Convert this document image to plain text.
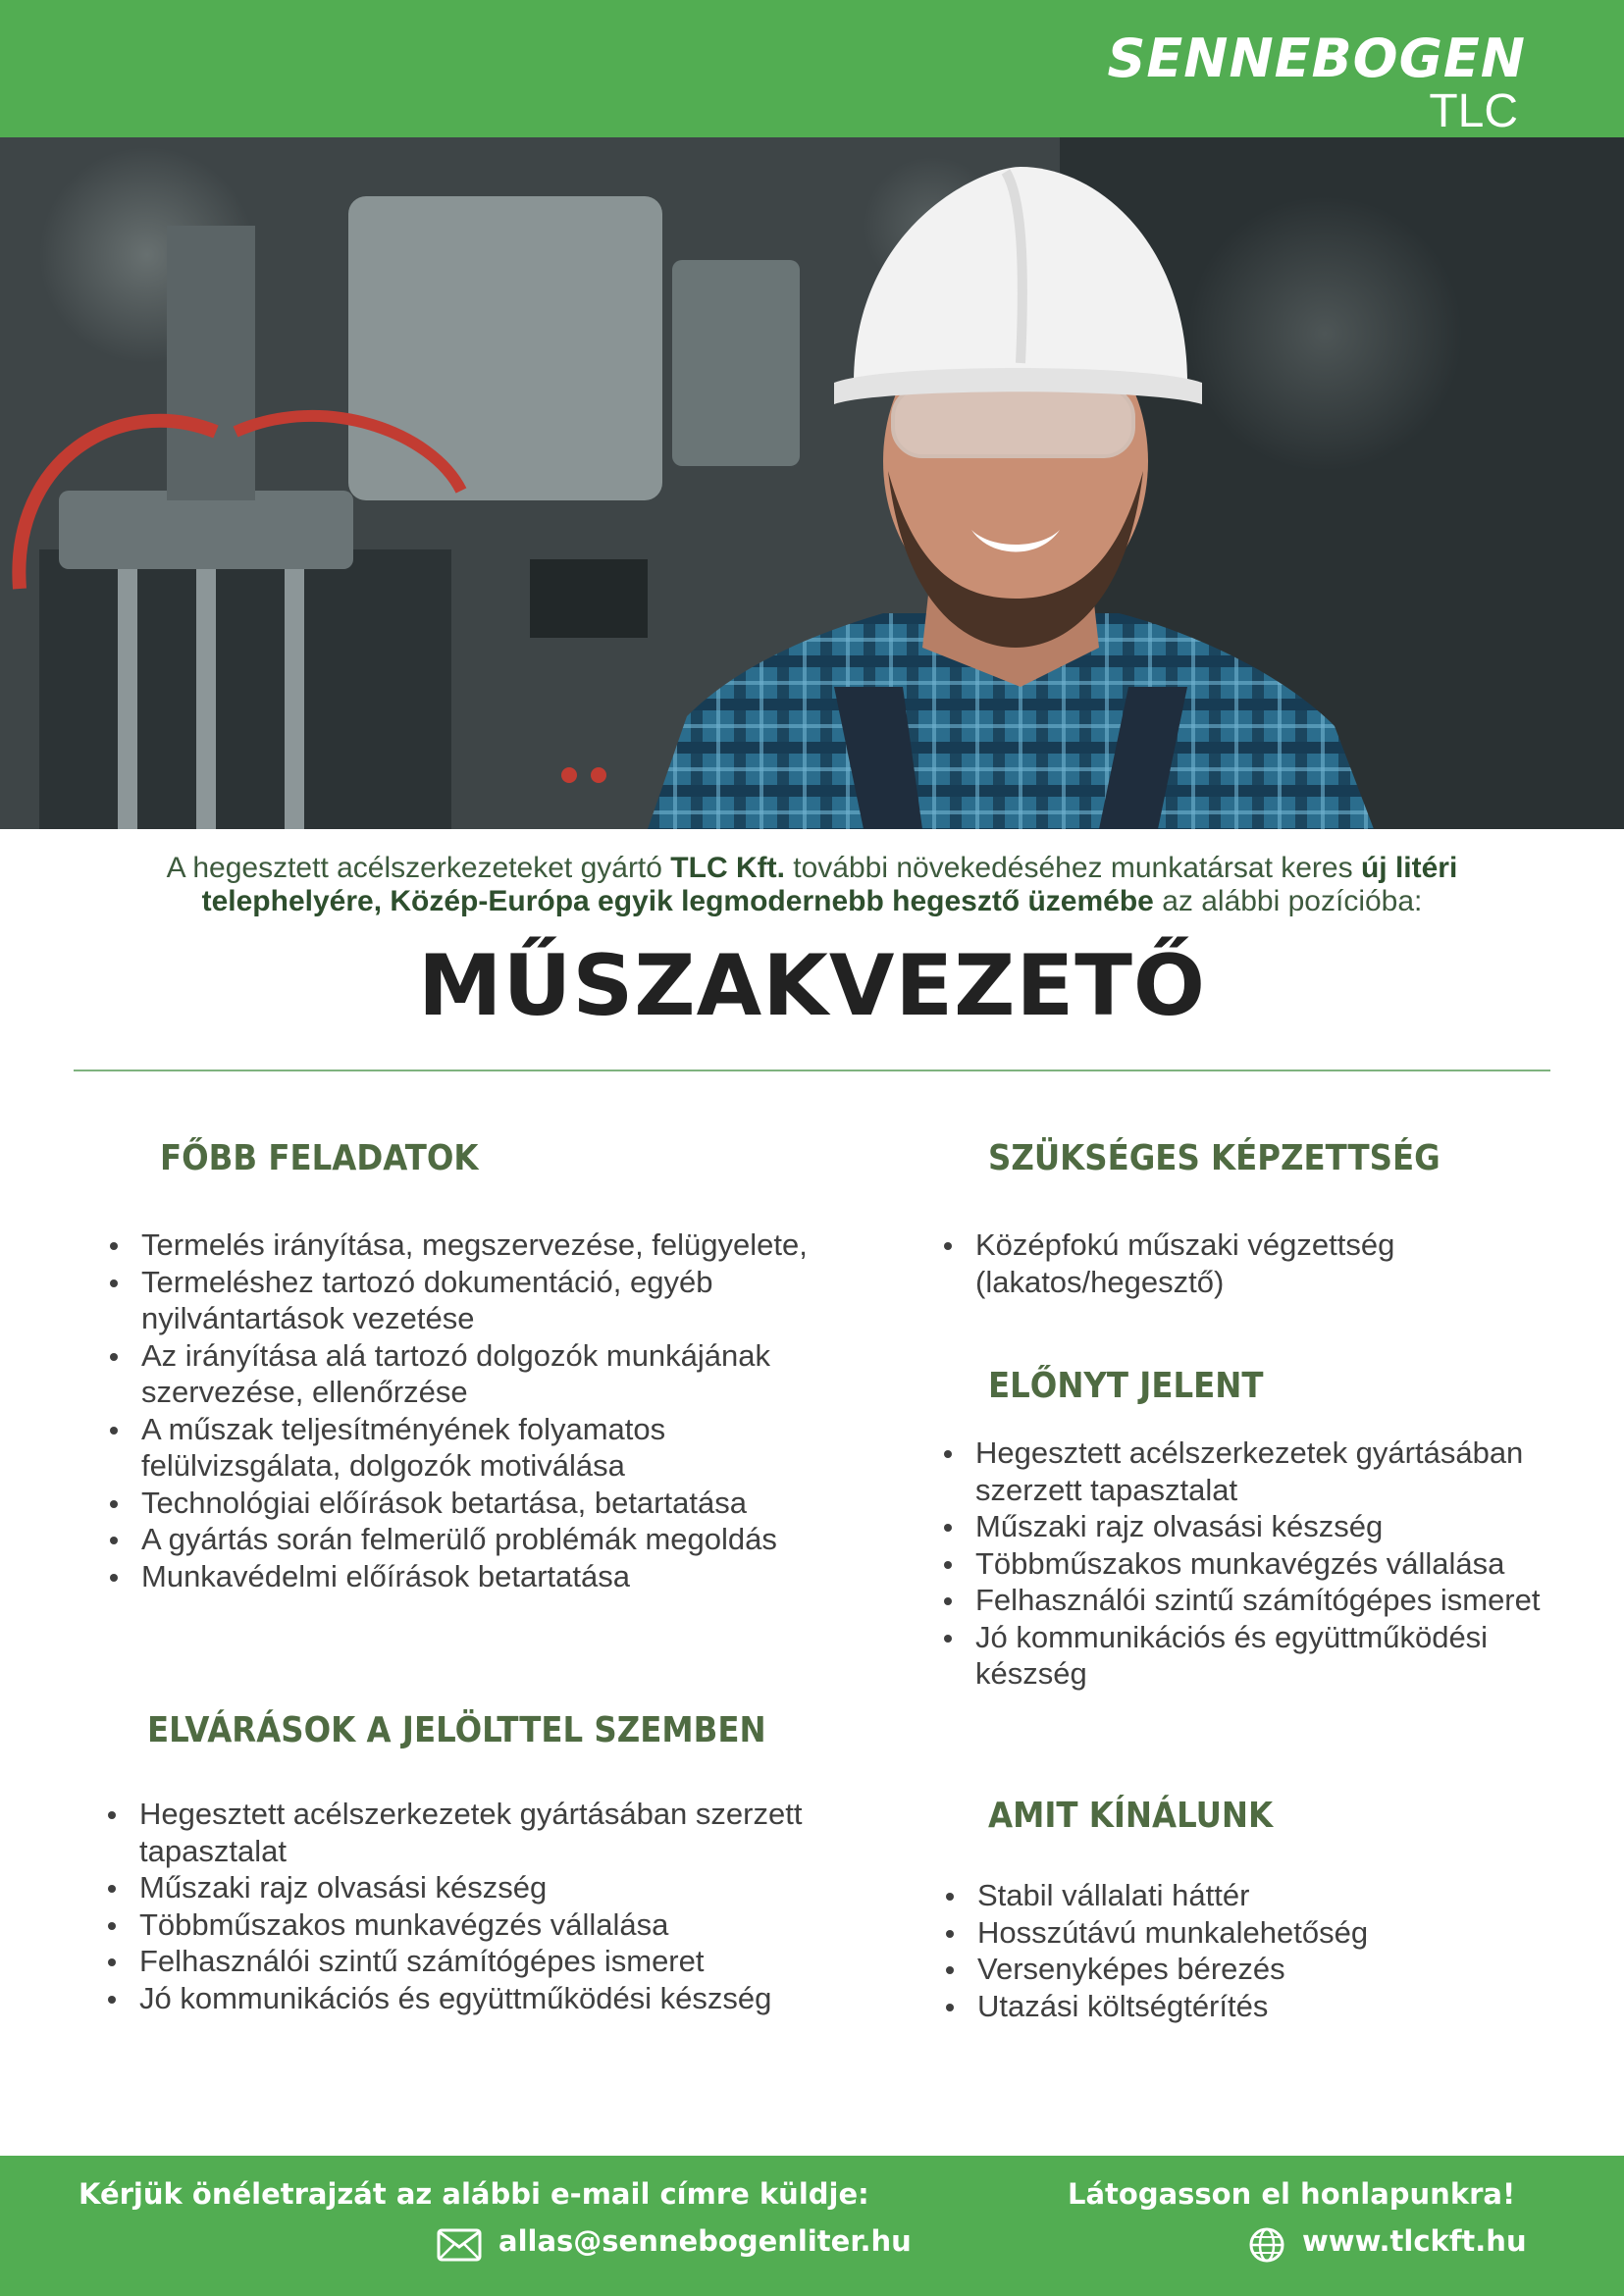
SENNEBOGEN
TLC
A hegesztett acélszerkezeteket gyártó TLC Kft. további növekedéséhez munkatársat keres új litéri
telephelyére, Közép-Európa egyik legmodernebb hegesztő üzemébe az alábbi pozícióba:
MŰSZAKVEZETŐ
FŐBB FELADATOK
Termelés irányítása, megszervezése, felügyelete,
Termeléshez tartozó dokumentáció, egyéb nyilvántartások vezetése
Az irányítása alá tartozó dolgozók munkájának szervezése, ellenőrzése
A műszak teljesítményének folyamatos felülvizsgálata, dolgozók motiválása
Technológiai előírások betartása, betartatása
A gyártás során felmerülő problémák megoldás
Munkavédelmi előírások betartatása
ELVÁRÁSOK A JELÖLTTEL SZEMBEN
Hegesztett acélszerkezetek gyártásában szerzett tapasztalat
Műszaki rajz olvasási készség
Többműszakos munkavégzés vállalása
Felhasználói szintű számítógépes ismeret
Jó kommunikációs és együttműködési készség
SZÜKSÉGES KÉPZETTSÉG
Középfokú műszaki végzettség (lakatos/hegesztő)
ELŐNYT JELENT
Hegesztett acélszerkezetek gyártásában szerzett tapasztalat
Műszaki rajz olvasási készség
Többműszakos munkavégzés vállalása
Felhasználói szintű számítógépes ismeret
Jó kommunikációs és együttműködési készség
AMIT KÍNÁLUNK
Stabil vállalati háttér
Hosszútávú munkalehetőség
Versenyképes bérezés
Utazási költségtérítés
Kérjük önéletrajzát az alábbi e-mail címre küldje:
allas@sennebogenliter.hu
Látogasson el honlapunkra!
www.tlckft.hu
